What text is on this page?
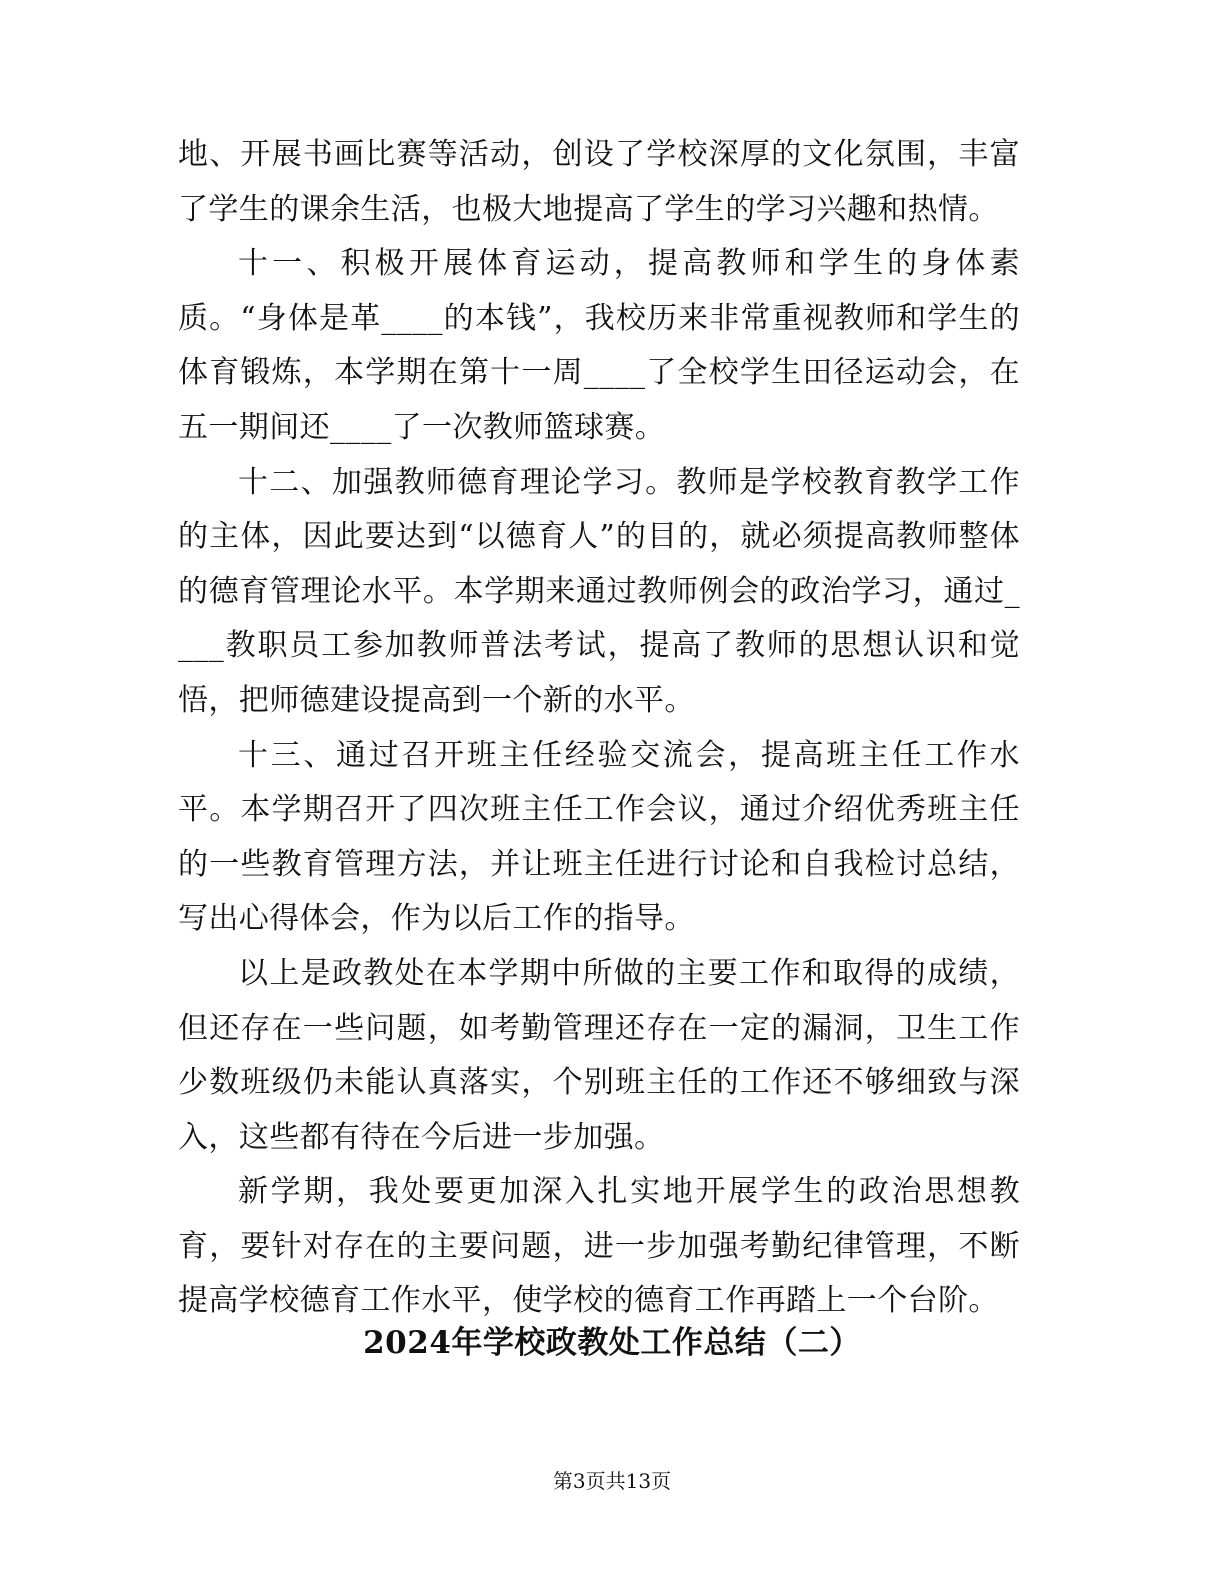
地、开展书画比赛等活动，创设了学校深厚的文化氛围，丰富了学生的课余生活，也极大地提高了学生的学习兴趣和热情。

十一、积极开展体育运动，提高教师和学生的身体素质。“身体是革____的本钱”，我校历来非常重视教师和学生的体育锻炼，本学期在第十一周____了全校学生田径运动会，在五一期间还____了一次教师篮球赛。

十二、加强教师德育理论学习。教师是学校教育教学工作的主体，因此要达到“以德育人”的目的，就必须提高教师整体的德育管理论水平。本学期来通过教师例会的政治学习，通过____教职员工参加教师普法考试，提高了教师的思想认识和觉悟，把师德建设提高到一个新的水平。

十三、通过召开班主任经验交流会，提高班主任工作水平。本学期召开了四次班主任工作会议，通过介绍优秀班主任的一些教育管理方法，并让班主任进行讨论和自我检讨总结，写出心得体会，作为以后工作的指导。

以上是政教处在本学期中所做的主要工作和取得的成绩，但还存在一些问题，如考勤管理还存在一定的漏洞，卫生工作少数班级仍未能认真落实，个别班主任的工作还不够细致与深入，这些都有待在今后进一步加强。

新学期，我处要更加深入扎实地开展学生的政治思想教育，要针对存在的主要问题，进一步加强考勤纪律管理，不断提高学校德育工作水平，使学校的德育工作再踏上一个台阶。

2024年学校政教处工作总结（二）
第3页共13页
